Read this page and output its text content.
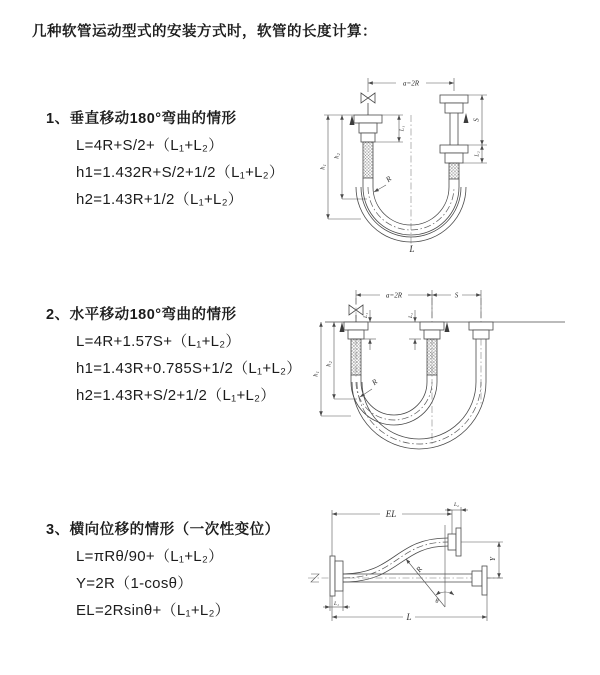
几种软管运动型式的安装方式时，软管的长度计算：
1、垂直移动180°弯曲的情形
L=4R+S/2+（L₁+L₂）
h1=1.432R+S/2+1/2（L₁+L₂）
h2=1.43R+1/2（L₁+L₂）
2、水平移动180°弯曲的情形
L=4R+1.57S+（L₁+L₂）
h1=1.43R+0.785S+1/2（L₁+L₂）
h2=1.43R+S/2+1/2（L₁+L₂）
3、横向位移的情形（一次性变位）
L=πRθ/90+（L₁+L₂）
Y=2R（1-cosθ）
EL=2Rsinθ+（L₁+L₂）
a=2R
L₁
h₁
h₂
S
L₂
R
L
a=2R	S
L₁	L₂
h₁
h₂
R
EL
L₂
Y
R
θ
L
L₁
